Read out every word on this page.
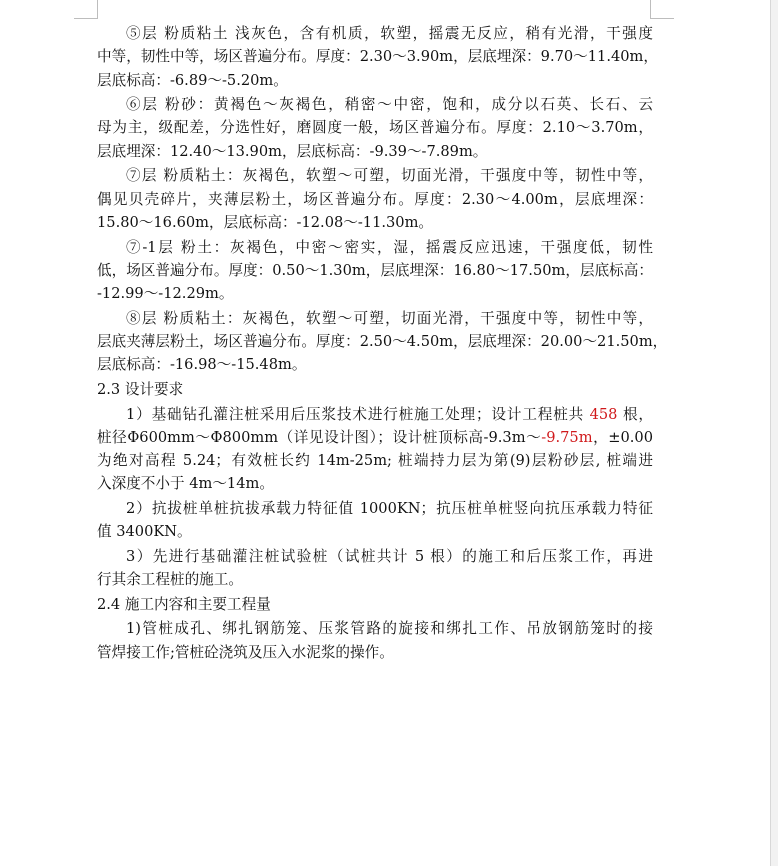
⑤层 粉质粘土 浅灰色，含有机质，软塑，摇震无反应，稍有光滑，干强度
中等，韧性中等，场区普遍分布。厚度：2.30～3.90m，层底埋深：9.70～11.40m，
层底标高：-6.89～-5.20m。
⑥层 粉砂：黄褐色～灰褐色，稍密～中密，饱和，成分以石英、长石、云
母为主，级配差，分选性好，磨圆度一般，场区普遍分布。厚度：2.10～3.70m，
层底埋深：12.40～13.90m，层底标高：-9.39～-7.89m。
⑦层 粉质粘土：灰褐色，软塑～可塑，切面光滑，干强度中等，韧性中等，
偶见贝壳碎片，夹薄层粉土，场区普遍分布。厚度：2.30～4.00m，层底埋深：
15.80～16.60m，层底标高：-12.08～-11.30m。
⑦-1层 粉土：灰褐色，中密～密实，湿，摇震反应迅速，干强度低，韧性
低，场区普遍分布。厚度：0.50～1.30m，层底埋深：16.80～17.50m，层底标高：
-12.99～-12.29m。
⑧层 粉质粘土：灰褐色，软塑～可塑，切面光滑，干强度中等，韧性中等，
层底夹薄层粉土，场区普遍分布。厚度：2.50～4.50m，层底埋深：20.00～21.50m，
层底标高：-16.98～-15.48m。
2.3 设计要求
1）基础钻孔灌注桩采用后压浆技术进行桩施工处理；设计工程桩共 458 根，
桩径Φ600mm～Φ800mm（详见设计图）；设计桩顶标高-9.3m～-9.75m，±0.00
为绝对高程 5.24；有效桩长约 14m-25m; 桩端持力层为第(9)层粉砂层, 桩端进
入深度不小于 4m～14m。
2）抗拔桩单桩抗拔承载力特征值 1000KN；抗压桩单桩竖向抗压承载力特征
值 3400KN。
3）先进行基础灌注桩试验桩（试桩共计 5 根）的施工和后压浆工作，再进
行其余工程桩的施工。
2.4 施工内容和主要工程量
1)管桩成孔、绑扎钢筋笼、压浆管路的旋接和绑扎工作、吊放钢筋笼时的接
管焊接工作;管桩砼浇筑及压入水泥浆的操作。
